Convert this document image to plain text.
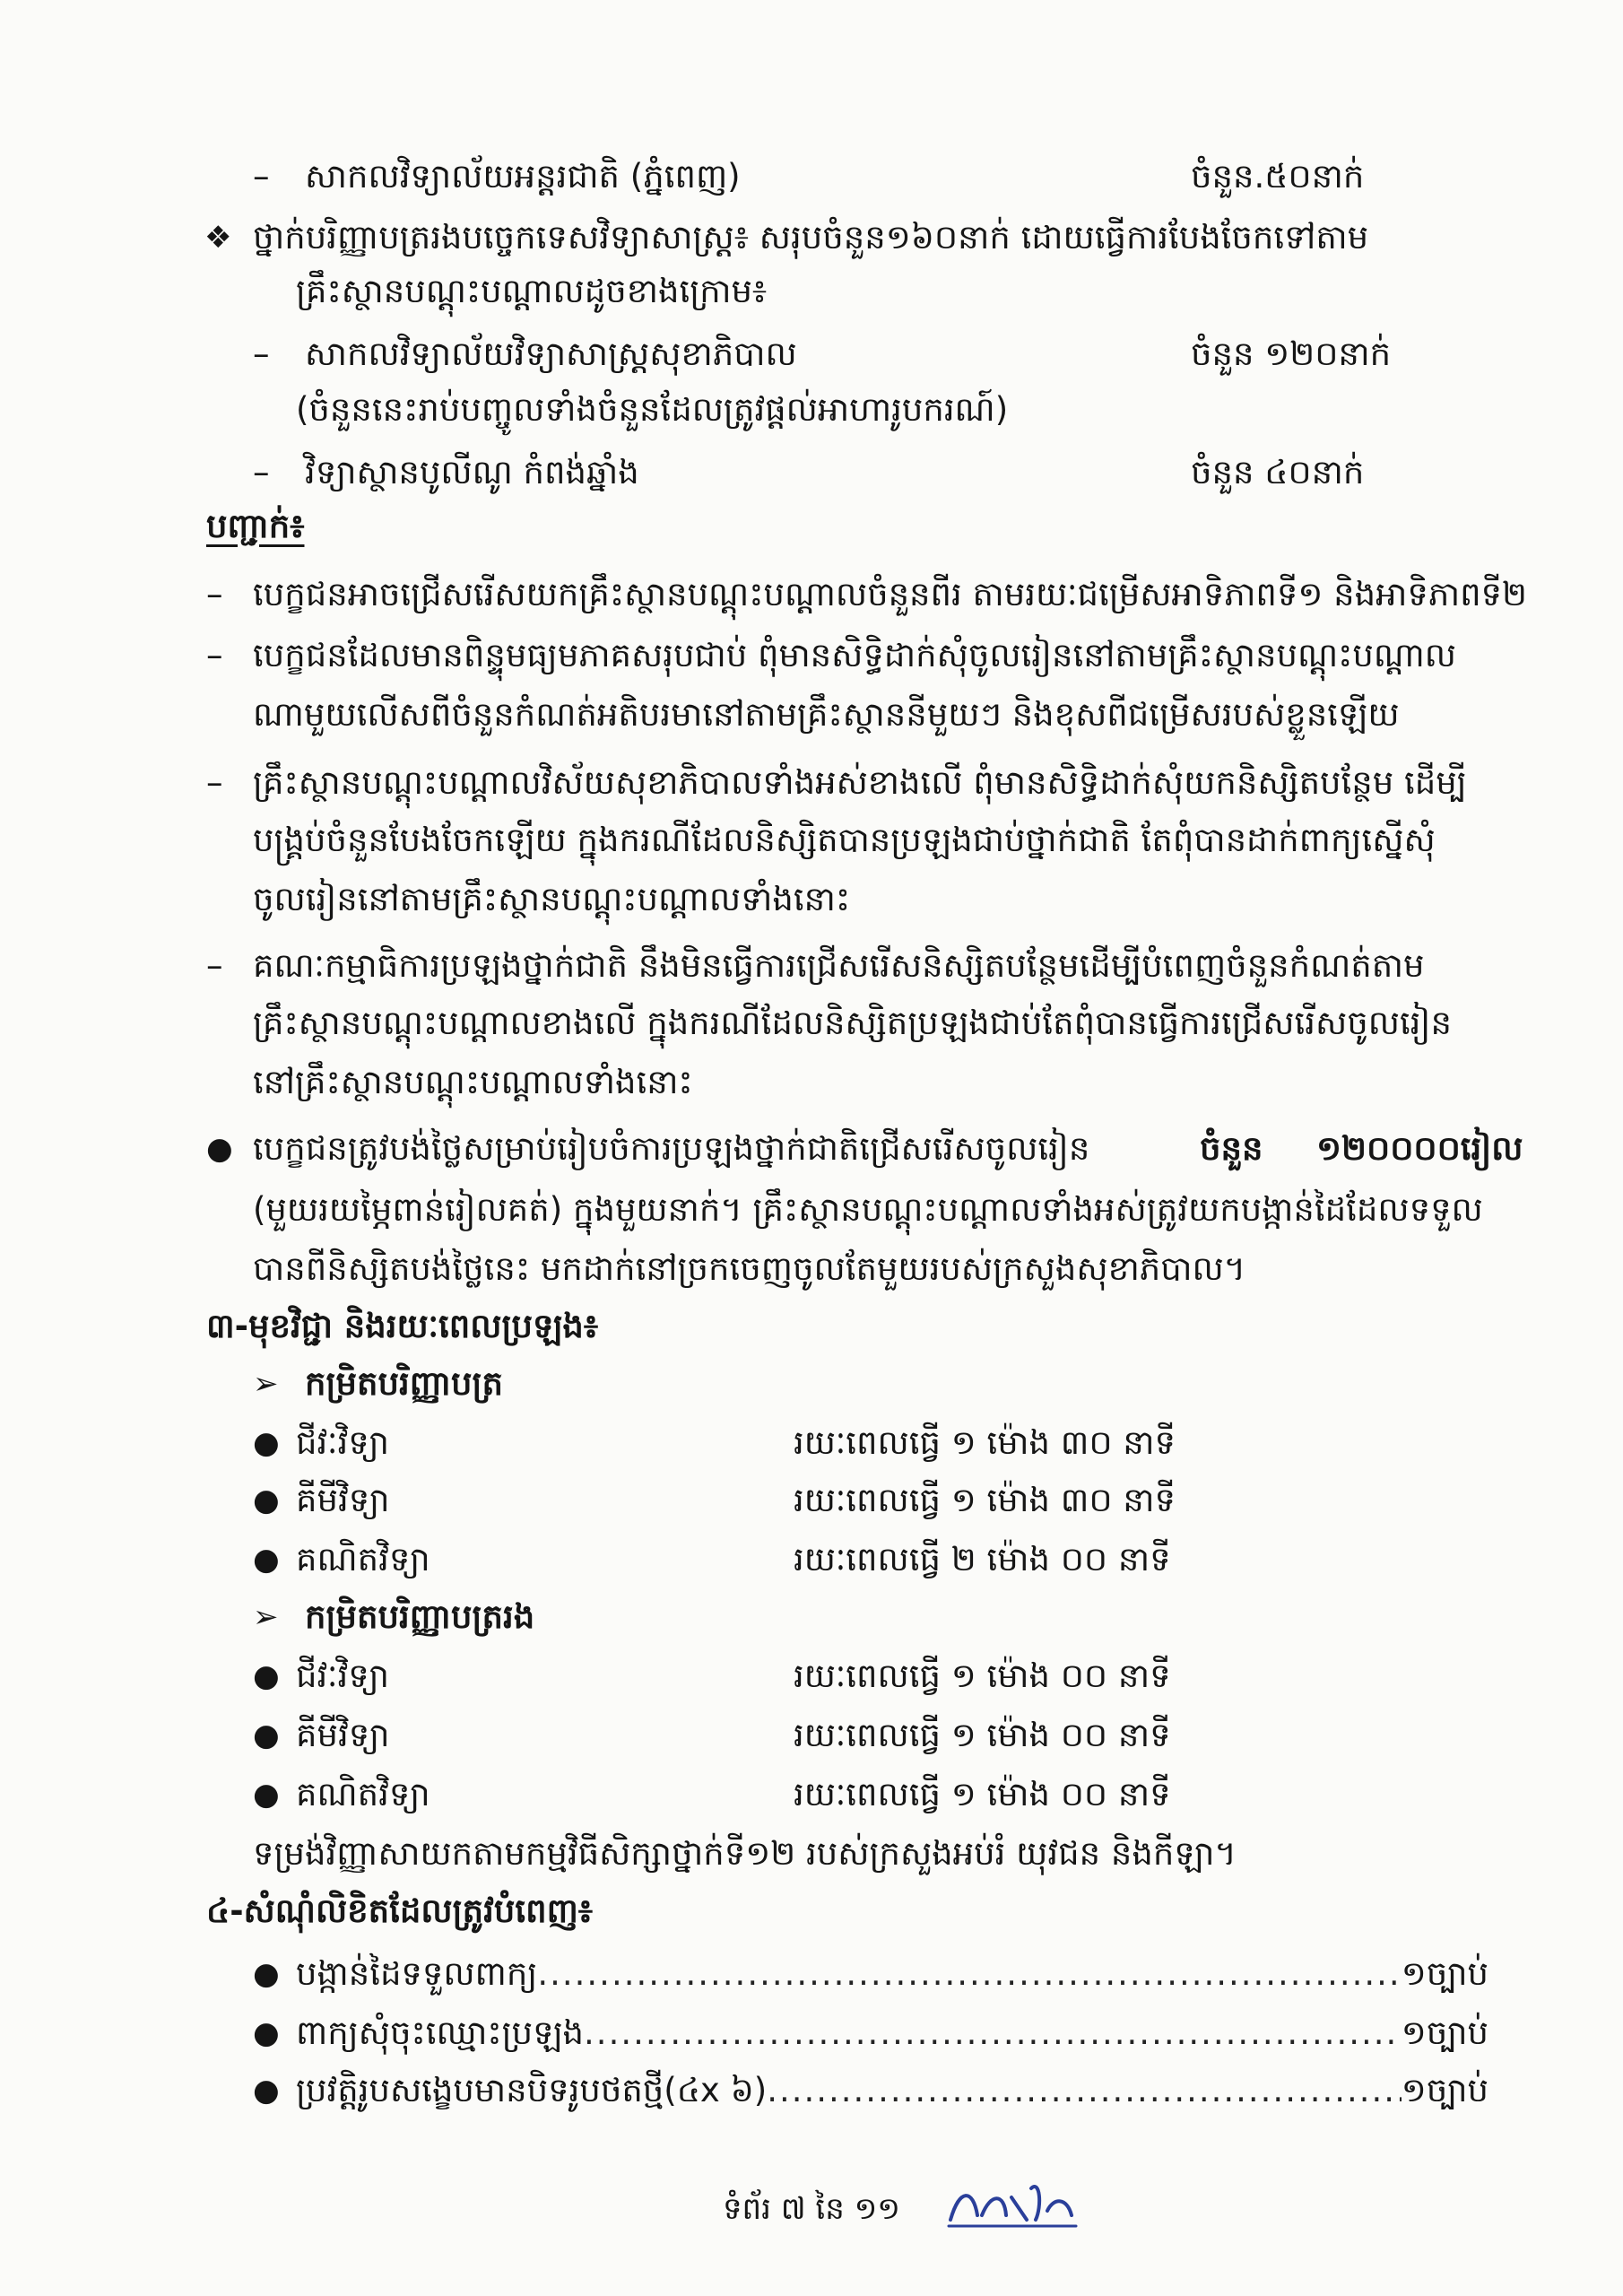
– សាកលវិទ្យាល័យអន្តរជាតិ (ភ្នំពេញ)	ចំនួន.៥០នាក់
❖ ថ្នាក់បរិញ្ញាបត្ររងបច្ចេកទេសវិទ្យាសាស្ត្រ៖ សរុបចំនួន១៦០នាក់ ដោយធ្វើការបែងចែកទៅតាម
គ្រឹះស្ថានបណ្តុះបណ្តាលដូចខាងក្រោម៖
– សាកលវិទ្យាល័យវិទ្យាសាស្ត្រសុខាភិបាល	ចំនួន ១២០នាក់
(ចំនួននេះរាប់បញ្ចូលទាំងចំនួនដែលត្រូវផ្តល់អាហារូបករណ៍)
– វិទ្យាស្ថានបូលីណូ កំពង់ឆ្នាំង	ចំនួន ៤០នាក់
បញ្ជាក់៖
– បេក្ខជនអាចជ្រើសរើសយកគ្រឹះស្ថានបណ្តុះបណ្តាលចំនួនពីរ តាមរយៈជម្រើសអាទិភាពទី១ និងអាទិភាពទី២
– បេក្ខជនដែលមានពិន្ទុមធ្យមភាគសរុបជាប់ ពុំមានសិទ្ធិដាក់សុំចូលរៀននៅតាមគ្រឹះស្ថានបណ្តុះបណ្តាល
ណាមួយលើសពីចំនួនកំណត់អតិបរមានៅតាមគ្រឹះស្ថាននីមួយៗ និងខុសពីជម្រើសរបស់ខ្លួនឡើយ
– គ្រឹះស្ថានបណ្តុះបណ្តាលវិស័យសុខាភិបាលទាំងអស់ខាងលើ ពុំមានសិទ្ធិដាក់សុំយកនិស្សិតបន្ថែម ដើម្បី
បង្គ្រប់ចំនួនបែងចែកឡើយ ក្នុងករណីដែលនិស្សិតបានប្រឡងជាប់ថ្នាក់ជាតិ តែពុំបានដាក់ពាក្យស្នើសុំ
ចូលរៀននៅតាមគ្រឹះស្ថានបណ្តុះបណ្តាលទាំងនោះ
– គណៈកម្មាធិការប្រឡងថ្នាក់ជាតិ នឹងមិនធ្វើការជ្រើសរើសនិស្សិតបន្ថែមដើម្បីបំពេញចំនួនកំណត់តាម
គ្រឹះស្ថានបណ្តុះបណ្តាលខាងលើ ក្នុងករណីដែលនិស្សិតប្រឡងជាប់តែពុំបានធ្វើការជ្រើសរើសចូលរៀន
នៅគ្រឹះស្ថានបណ្តុះបណ្តាលទាំងនោះ
● បេក្ខជនត្រូវបង់ថ្លៃសម្រាប់រៀបចំការប្រឡងថ្នាក់ជាតិជ្រើសរើសចូលរៀន	ចំនួន ១២០០០០រៀល
(មួយរយម្ភៃពាន់រៀលគត់) ក្នុងមួយនាក់។ គ្រឹះស្ថានបណ្តុះបណ្តាលទាំងអស់ត្រូវយកបង្កាន់ដៃដែលទទួល
បានពីនិស្សិតបង់ថ្លៃនេះ មកដាក់នៅច្រកចេញចូលតែមួយរបស់ក្រសួងសុខាភិបាល។
៣-មុខវិជ្ជា និងរយៈពេលប្រឡង៖
➢ កម្រិតបរិញ្ញាបត្រ
● ជីវៈវិទ្យា	រយៈពេលធ្វើ ១ ម៉ោង ៣០ នាទី
● គីមីវិទ្យា	រយៈពេលធ្វើ ១ ម៉ោង ៣០ នាទី
● គណិតវិទ្យា	រយៈពេលធ្វើ ២ ម៉ោង ០០ នាទី
➢ កម្រិតបរិញ្ញាបត្ររង
● ជីវៈវិទ្យា	រយៈពេលធ្វើ ១ ម៉ោង ០០ នាទី
● គីមីវិទ្យា	រយៈពេលធ្វើ ១ ម៉ោង ០០ នាទី
● គណិតវិទ្យា	រយៈពេលធ្វើ ១ ម៉ោង ០០ នាទី
ទម្រង់វិញ្ញាសាយកតាមកម្មវិធីសិក្សាថ្នាក់ទី១២ របស់ក្រសួងអប់រំ យុវជន និងកីឡា។
៤-សំណុំលិខិតដែលត្រូវបំពេញ៖
● បង្កាន់ដៃទទួលពាក្យ .....	១ច្បាប់
● ពាក្យសុំចុះឈ្មោះប្រឡង .....	១ច្បាប់
● ប្រវត្តិរូបសង្ខេបមានបិទរូបថតថ្មី(៤x ៦) .....	១ច្បាប់
ទំព័រ ៧ នៃ ១១
